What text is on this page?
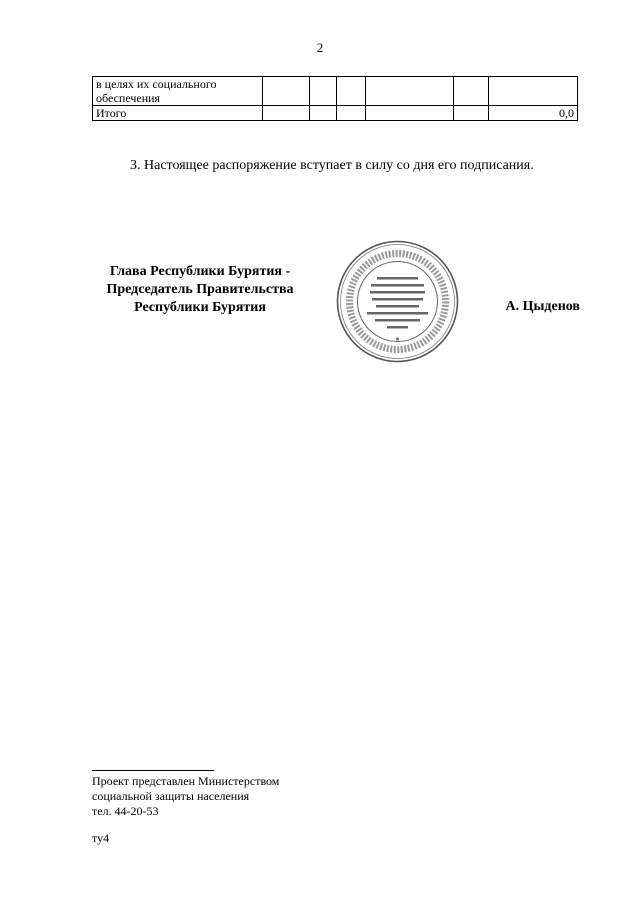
2
в целях их социального обеспечения						
Итого						0,0
3. Настоящее распоряжение вступает в силу со дня его подписания.
Глава Республики Бурятия -
Председатель Правительства
Республики Бурятия	А. Цыденов
Проект представлен Министерством
социальной защиты населения
тел. 44-20-53
ту4
